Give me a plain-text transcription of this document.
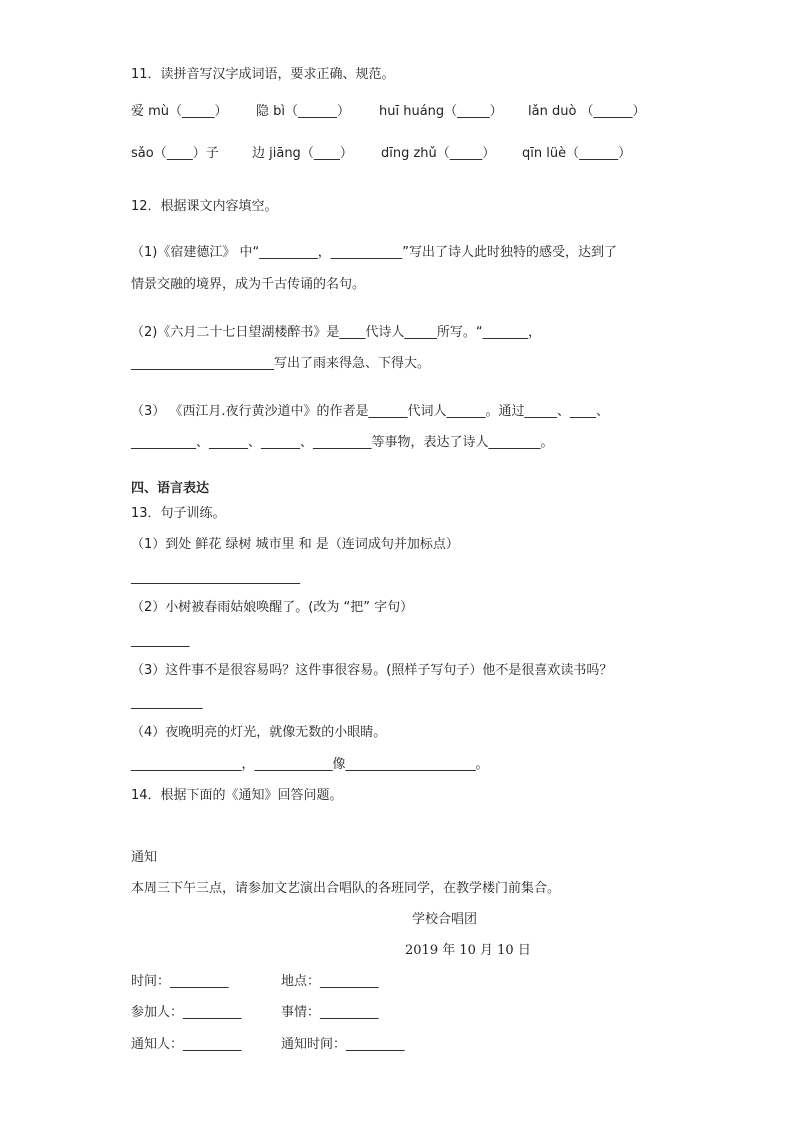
11．读拼音写汉字成词语，要求正确、规范。
爱 mù（_____） 隐 bì（______） huī huáng（_____） lǎn duò （______）
sǎo（____）子	边 jiāng（____） dīng zhǔ（_____） qīn lüè（______）
12．根据课文内容填空。
（1)《宿建德江》 中“_________，___________”写出了诗人此时独特的感受，达到了
情景交融的境界，成为千古传诵的名句。
（2)《六月二十七日望湖楼醉书》是____代诗人_____所写。“_______，
______________________写出了雨来得急、下得大。
（3） 《西江月.夜行黄沙道中》的作者是______代词人______。通过_____、____、
__________、______、______、_________等事物，表达了诗人________。
四、语言表达
13．句子训练。
（1）到处 鲜花 绿树 城市里 和 是（连词成句并加标点）
__________________________
（2）小树被春雨姑娘唤醒了。(改为 “把” 字句）
_________
（3）这件事不是很容易吗？这件事很容易。(照样子写句子）他不是很喜欢读书吗？
___________
（4）夜晚明亮的灯光，就像无数的小眼睛。
_________________，____________像____________________。
14．根据下面的《通知》回答问题。
通知
本周三下午三点，请参加文艺演出合唱队的各班同学，在教学楼门前集合。
学校合唱团
2019 年 10 月 10 日
时间：_________	地点：_________
参加人：_________	事情：_________
通知人：_________	通知时间：_________
